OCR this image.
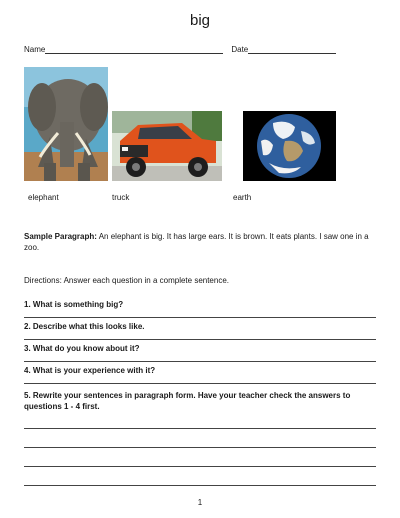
big
Name	Date
elephant	truck	earth
Sample Paragraph: An elephant is big. It has large ears. It is brown. It eats plants. I saw one in a zoo.
Directions: Answer each question in a complete sentence.
1. What is something big?
2. Describe what this looks like.
3. What do you know about it?
4. What is your experience with it?
5. Rewrite your sentences in paragraph form. Have your teacher check the answers to questions 1 - 4 first.
1
